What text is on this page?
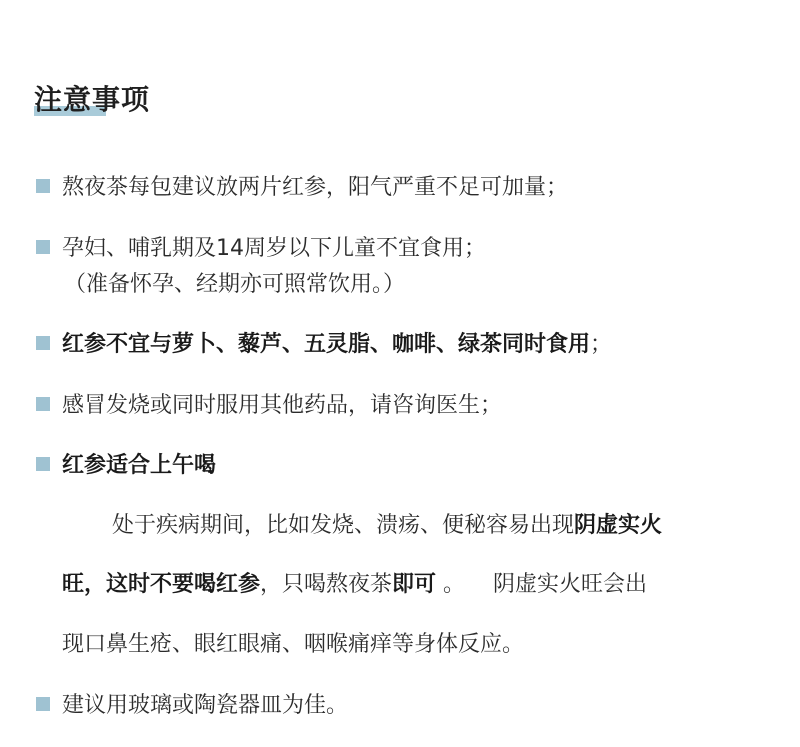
注意事项
熬夜茶每包建议放两片红参，阳气严重不足可加量；
孕妇、哺乳期及14周岁以下儿童不宜食用；
（准备怀孕、经期亦可照常饮用。）
红参不宜与萝卜、藜芦、五灵脂、咖啡、绿茶同时食用；
感冒发烧或同时服用其他药品，请咨询医生；
红参适合上午喝
处于疾病期间，比如发烧、溃疡、便秘容易出现阴虚实火
旺，这时不要喝红参，只喝熬夜茶即可 。    阴虚实火旺会出
现口鼻生疮、眼红眼痛、咽喉痛痒等身体反应。
建议用玻璃或陶瓷器皿为佳。
